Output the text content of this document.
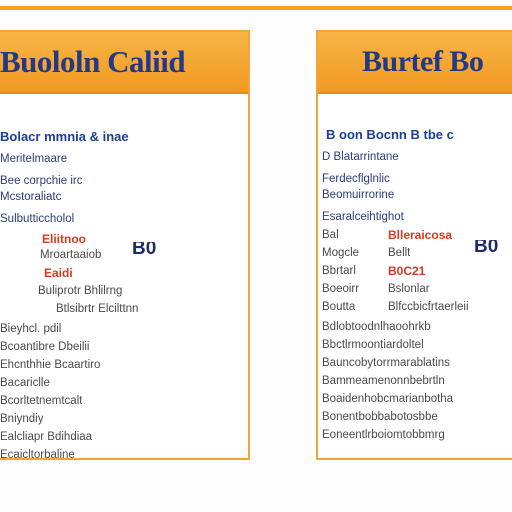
Buololn Caliid
Bolacr mmnia & inae
Meritelmaare
Bee corpchie irc
Mcstoraliatc
Sulbutticcholol
Eliitnoo
Mroartaaiob B0
Eaidi
Buliprotr Bhlilrng
Btlsibrtr Elcilttnn
Bieyhcl. pdil
Bcoantibre Dbeilii
Ehcnthhie Bcaartiro
Bacariclle
Bcorltetnemtcalt
Bniyndiy
Ealcliapr Bdihdiaa
Ecaicltorbaline
Burtef Bo
B oon Bocnn B tbe c
D Blatarrintane
Ferdecflglnlic
Beomuirrorine
Esaralceihtighot
Bal	Blleraicosa
Mogcle	Bellt	B0
Bbrtarl	B0C21
Boeoirr	Bslonlar
Boutta	Blfccbicfrtaerleii
Bdlobtoodnlhaoohrkb
Bbctlrmoontiardoltel
Bauncobytorrmarablatins
Bammeamenonnbebrtln
Boaidenhobcmarianbotha
Bonentbobbabotosbbe
Eoneentlrboiomtobbmrg
